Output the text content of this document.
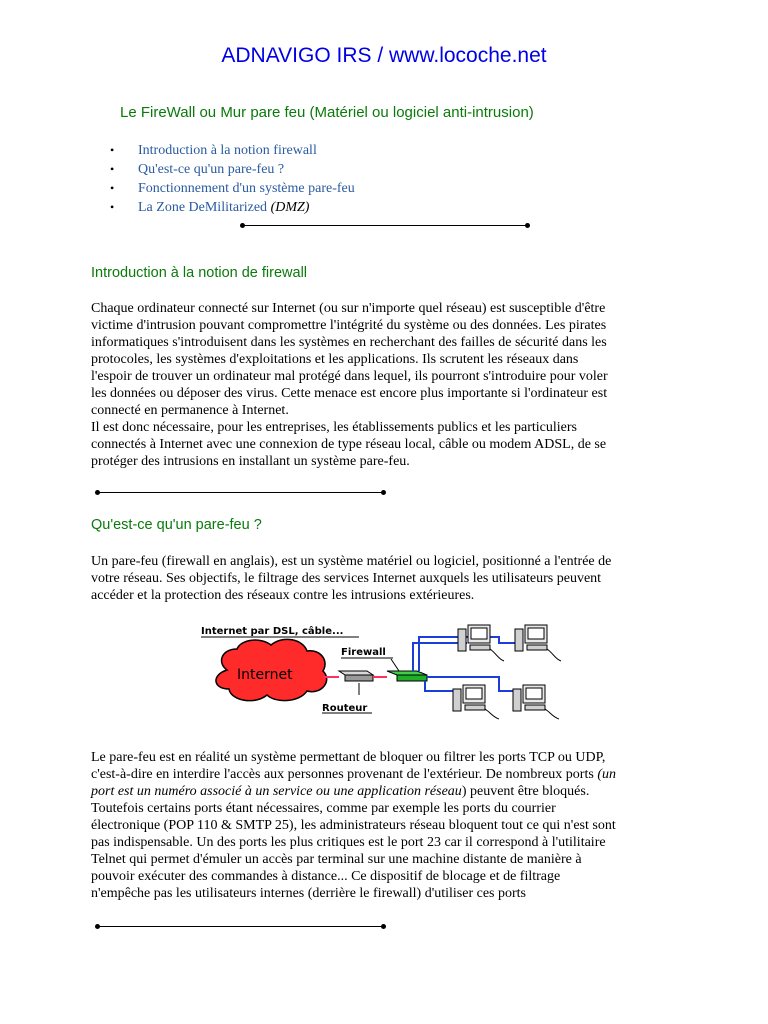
ADNAVIGO IRS / www.locoche.net
Le FireWall ou Mur pare feu (Matériel ou logiciel anti-intrusion)
• Introduction à la notion firewall
• Qu'est-ce qu'un pare-feu ?
• Fonctionnement d'un système pare-feu
• La Zone DeMilitarized (DMZ)
Introduction à la notion de firewall

Chaque ordinateur connecté sur Internet (ou sur n'importe quel réseau) est susceptible d'être
victime d'intrusion pouvant compromettre l'intégrité du système ou des données. Les pirates
informatiques s'introduisent dans les systèmes en recherchant des failles de sécurité dans les
protocoles, les systèmes d'exploitations et les applications. Ils scrutent les réseaux dans
l'espoir de trouver un ordinateur mal protégé dans lequel, ils pourront s'introduire pour voler
les données ou déposer des virus. Cette menace est encore plus importante si l'ordinateur est
connecté en permanence à Internet.
Il est donc nécessaire, pour les entreprises, les établissements publics et les particuliers
connectés à Internet avec une connexion de type réseau local, câble ou modem ADSL, de se
protéger des intrusions en installant un système pare-feu.

Qu'est-ce qu'un pare-feu ?

Un pare-feu (firewall en anglais), est un système matériel ou logiciel, positionné a l'entrée de
votre réseau. Ses objectifs, le filtrage des services Internet auxquels les utilisateurs peuvent
accéder et la protection des réseaux contre les intrusions extérieures.

Internet par DSL, câble...
Internet
Routeur
Firewall

Le pare-feu est en réalité un système permettant de bloquer ou filtrer les ports TCP ou UDP,
c'est-à-dire en interdire l'accès aux personnes provenant de l'extérieur. De nombreux ports (un
port est un numéro associé à un service ou une application réseau) peuvent être bloqués.
Toutefois certains ports étant nécessaires, comme par exemple les ports du courrier
électronique (POP 110 & SMTP 25), les administrateurs réseau bloquent tout ce qui n'est sont
pas indispensable. Un des ports les plus critiques est le port 23 car il correspond à l'utilitaire
Telnet qui permet d'émuler un accès par terminal sur une machine distante de manière à
pouvoir exécuter des commandes à distance... Ce dispositif de blocage et de filtrage
n'empêche pas les utilisateurs internes (derrière le firewall) d'utiliser ces ports
